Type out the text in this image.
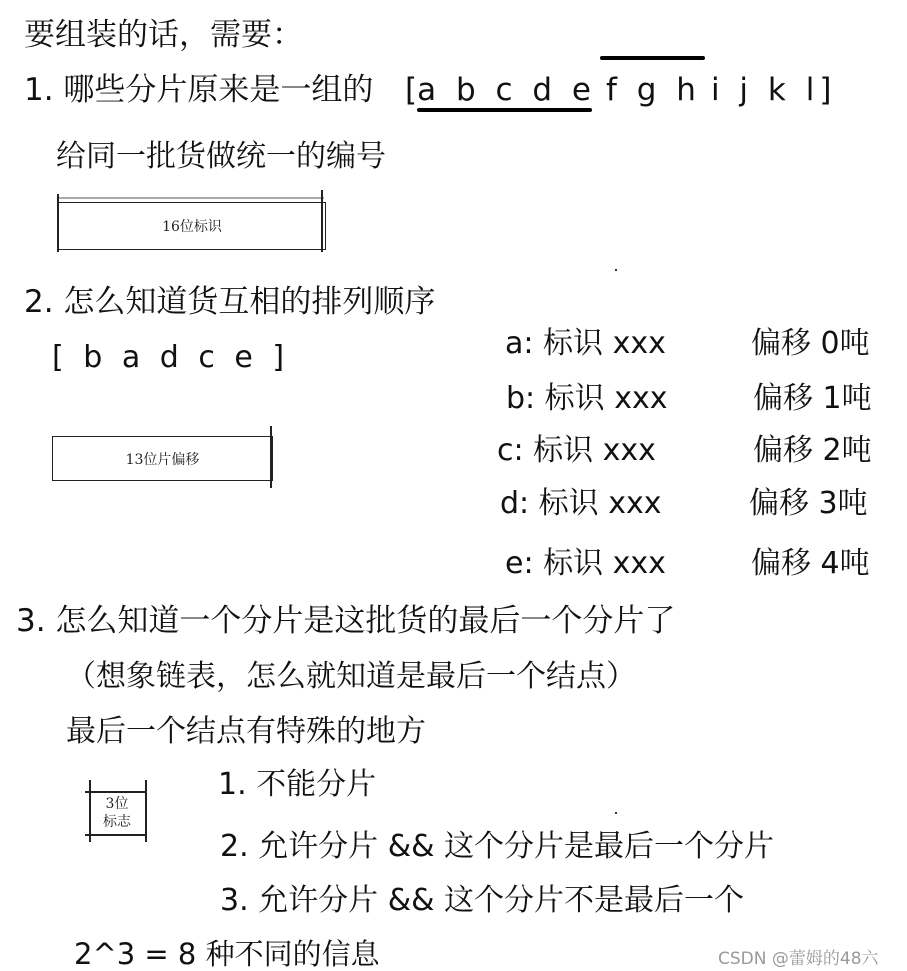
要组装的话，需要：
1. 哪些分片原来是一组的 [a b c d e f g h i j k l]
给同一批货做统一的编号
16位标识
2. 怎么知道货互相的排列顺序
[ b a d c e ]
13位片偏移
a: 标识 xxx	偏移 0吨
b: 标识 xxx	偏移 1吨
c: 标识 xxx	偏移 2吨
d: 标识 xxx	偏移 3吨
e: 标识 xxx	偏移 4吨
3. 怎么知道一个分片是这批货的最后一个分片了
（想象链表，怎么就知道是最后一个结点）
最后一个结点有特殊的地方
3位
标志
1. 不能分片
2. 允许分片 && 这个分片是最后一个分片
3. 允许分片 && 这个分片不是最后一个
2^3 = 8 种不同的信息	CSDN @蕾姆的48六
